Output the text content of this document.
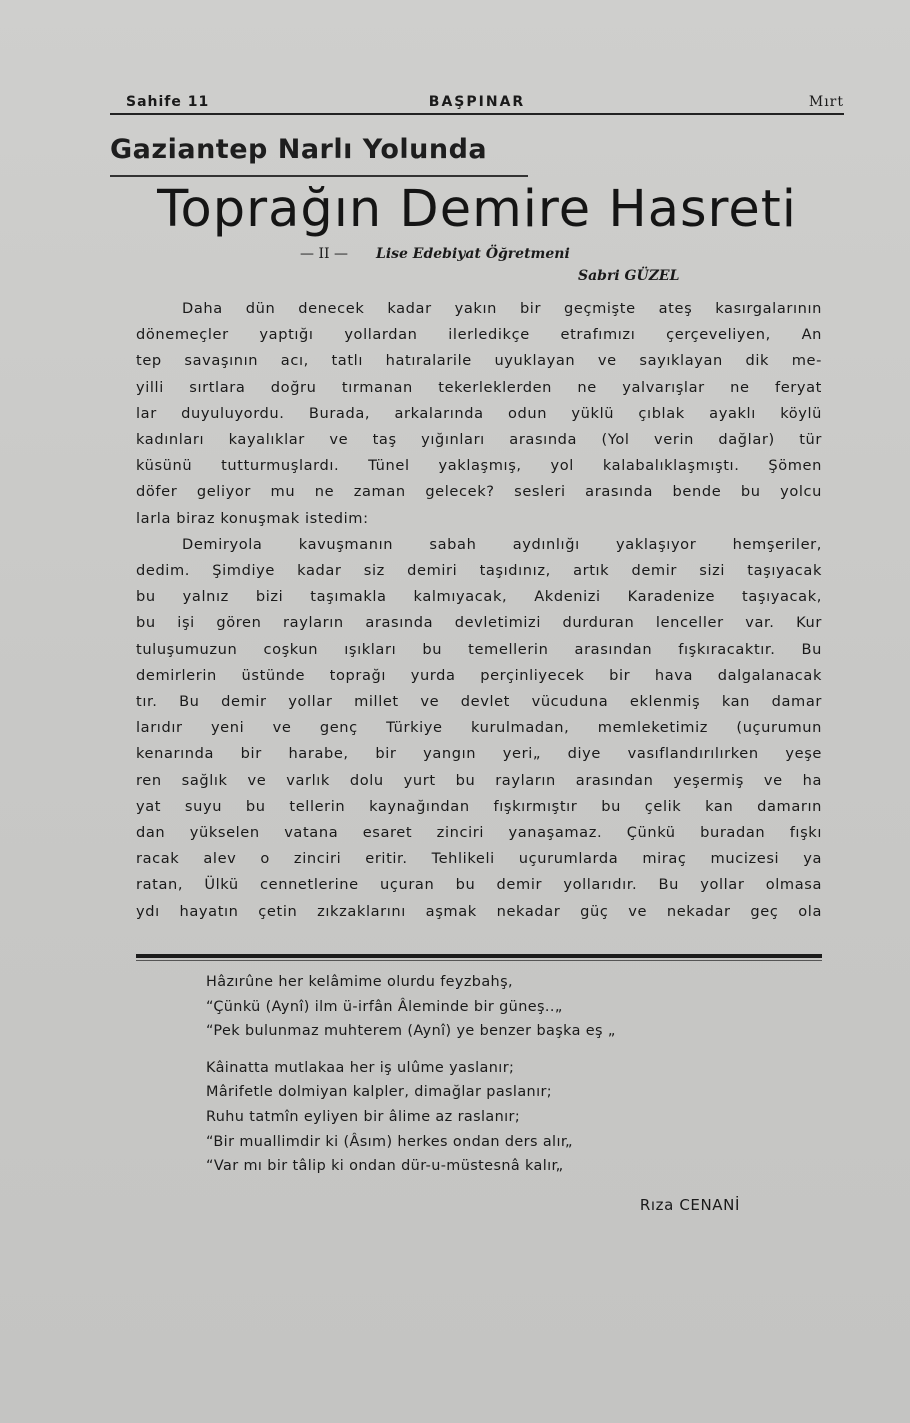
Sahife 11	BAŞPINAR	Mırt
Gaziantep Narlı Yolunda
Toprağın Demire Hasreti
— II — Lise Edebiyat Öğretmeni
Sabri GÜZEL
Daha dün denecek kadar yakın bir geçmişte ateş kasırgalarının
dönemeçler yaptığı yollardan ilerledikçe etrafımızı çerçeveliyen, An
tep savaşının acı, tatlı hatıralarile uyuklayan ve sayıklayan dik me-
yilli sırtlara doğru tırmanan tekerleklerden ne yalvarışlar ne feryat
lar duyuluyordu. Burada, arkalarında odun yüklü çıblak ayaklı köylü
kadınları kayalıklar ve taş yığınları arasında (Yol verin dağlar) tür
küsünü tutturmuşlardı. Tünel yaklaşmış, yol kalabalıklaşmıştı. Şömen
döfer geliyor mu ne zaman gelecek? sesleri arasında bende bu yolcu
larla biraz konuşmak istedim:
Demiryola kavuşmanın sabah aydınlığı yaklaşıyor hemşeriler,
dedim. Şimdiye kadar siz demiri taşıdınız, artık demir sizi taşıyacak
bu yalnız bizi taşımakla kalmıyacak, Akdenizi Karadenize taşıyacak,
bu işi gören rayların arasında devletimizi durduran lenceller var. Kur
tuluşumuzun coşkun ışıkları bu temellerin arasından fışkıracaktır. Bu
demirlerin üstünde toprağı yurda perçinliyecek bir hava dalgalanacak
tır. Bu demir yollar millet ve devlet vücuduna eklenmiş kan damar
larıdır yeni ve genç Türkiye kurulmadan, memleketimiz (uçurumun
kenarında bir harabe, bir yangın yeri„ diye vasıflandırılırken yeşe
ren sağlık ve varlık dolu yurt bu rayların arasından yeşermiş ve ha
yat suyu bu tellerin kaynağından fışkırmıştır bu çelik kan damarın
dan yükselen vatana esaret zinciri yanaşamaz. Çünkü buradan fışkı
racak alev o zinciri eritir. Tehlikeli uçurumlarda miraç mucizesi ya
ratan, Ülkü cennetlerine uçuran bu demir yollarıdır. Bu yollar olmasa
ydı hayatın çetin zıkzaklarını aşmak nekadar güç ve nekadar geç ola
Hâzırûne her kelâmime olurdu feyzbahş,
“Çünkü (Aynî) ilm ü-irfân Âleminde bir güneş..„
“Pek bulunmaz muhterem (Aynî) ye benzer başka eş „
Kâinatta mutlakaa her iş ulûme yaslanır;
Mârifetle dolmiyan kalpler, dimağlar paslanır;
Ruhu tatmîn eyliyen bir âlime az raslanır;
“Bir muallimdir ki (Âsım) herkes ondan ders alır„
“Var mı bir tâlip ki ondan dür-u-müstesnâ kalır„
Rıza CENANİ
